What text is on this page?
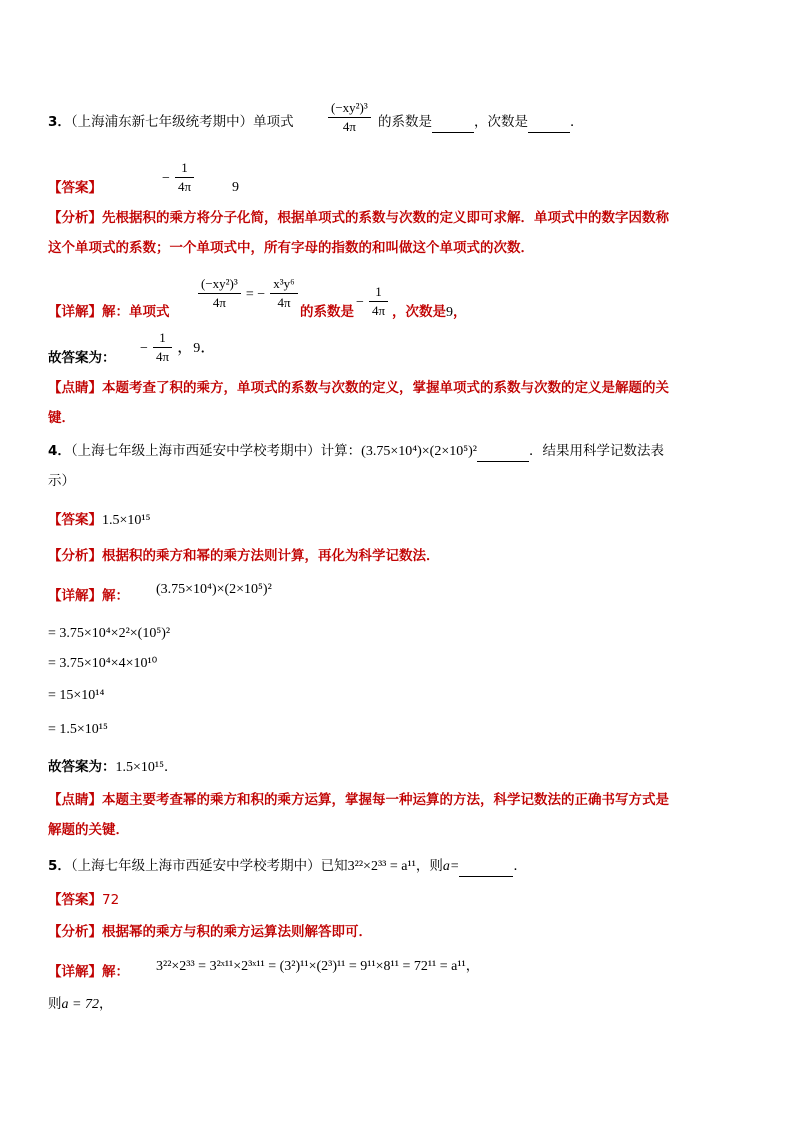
3．（上海浦东新七年级统考期中）单项式	$\frac{\text{(−xy²)³}}{4\pi}$ 的系数是	，次数是	．
【答案】
− $\frac{1}{4\pi}$	9
【分析】先根据积的乘方将分子化简，根据单项式的系数与次数的定义即可求解．单项式中的数字因数称
这个单项式的系数；一个单项式中，所有字母的指数的和叫做这个单项式的次数．
【详解】解：单项式
$\frac{\text{(−xy²)³}}{4\pi}$ = − $\frac{\text{x³y⁶}}{4\pi}$
的系数是
− $\frac{1}{4\pi}$ ，次数是9，
故答案为：
− $\frac{1}{4\pi}$ ，9．
【点睛】本题考查了积的乘方，单项式的系数与次数的定义，掌握单项式的系数与次数的定义是解题的关
键．
4．（上海七年级上海市西延安中学校考期中）计算：(3.75×10⁴)×(2×10⁵)²	．结果用科学记数法表
示）
【答案】1.5×10¹⁵
【分析】根据积的乘方和幂的乘方法则计算，再化为科学记数法．
【详解】解： (3.75×10⁴)×(2×10⁵)²
= 3.75×10⁴×2²×(10⁵)²
= 3.75×10⁴×4×10¹⁰
= 15×10¹⁴
= 1.5×10¹⁵
故答案为：1.5×10¹⁵．
【点睛】本题主要考查幂的乘方和积的乘方运算，掌握每一种运算的方法，科学记数法的正确书写方式是
解题的关键．
5．（上海七年级上海市西延安中学校考期中）已知3²²×2³³ = a¹¹，则a=	．
【答案】72
【分析】根据幂的乘方与积的乘方运算法则解答即可．
【详解】解： 3²²×2³³ = 3²ˣ¹¹×2³ˣ¹¹ = (3²)¹¹×(2³)¹¹ = 9¹¹×8¹¹ = 72¹¹ = a¹¹，
则a = 72，
